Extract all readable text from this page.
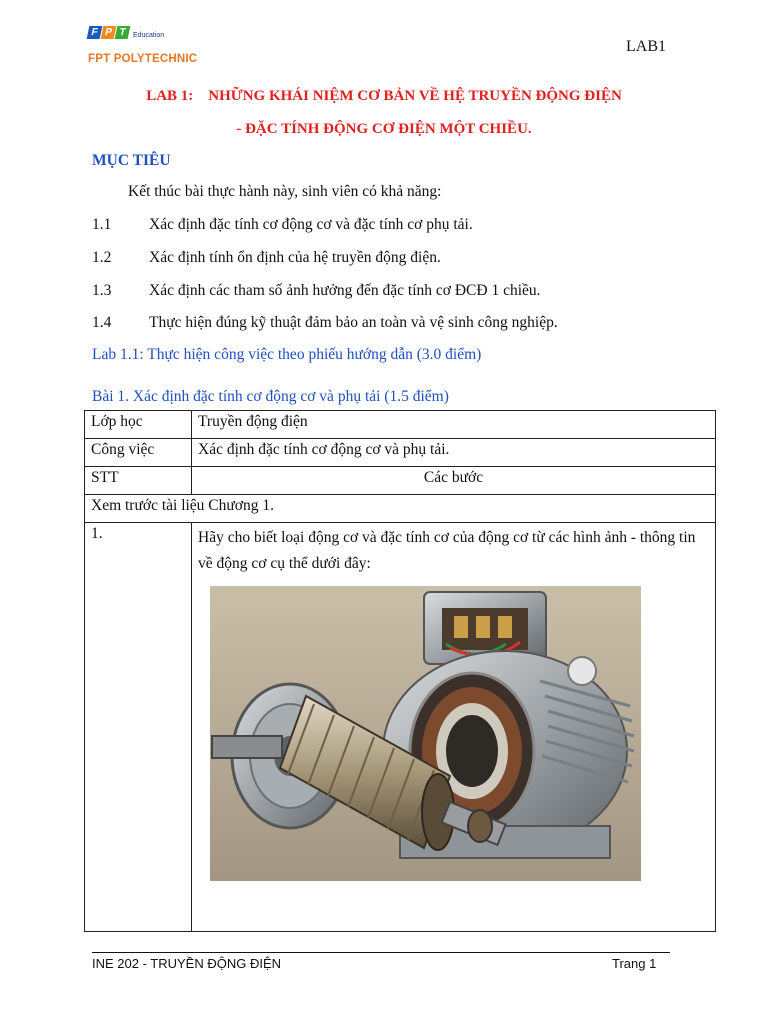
F P T Education
FPT POLYTECHNIC
LAB1
LAB 1:    NHỮNG KHÁI NIỆM CƠ BẢN VỀ HỆ TRUYỀN ĐỘNG ĐIỆN
- ĐẶC TÍNH ĐỘNG CƠ ĐIỆN MỘT CHIỀU.
MỤC TIÊU
Kết thúc bài thực hành này, sinh viên có khả năng:
1.1 Xác định đặc tính cơ động cơ và đặc tính cơ phụ tải.
1.2 Xác định tính ổn định của hệ truyền động điện.
1.3 Xác định các tham số ảnh hưởng đến đặc tính cơ ĐCĐ 1 chiều.
1.4 Thực hiện đúng kỹ thuật đảm bảo an toàn và vệ sinh công nghiệp.
Lab 1.1: Thực hiện công việc theo phiếu hướng dẫn (3.0 điểm)
Bài 1. Xác định đặc tính cơ động cơ và phụ tải (1.5 điểm)
Lớp học	Truyền động điện
Công việc	Xác định đặc tính cơ động cơ và phụ tải.
STT	Các bước
Xem trước tài liệu Chương 1.	
1.	Hãy cho biết loại động cơ và đặc tính cơ của động cơ từ các hình ảnh - thông tin về động cơ cụ thể dưới đây:
INE 202 - TRUYỀN ĐỘNG ĐIỆN	Trang 1
